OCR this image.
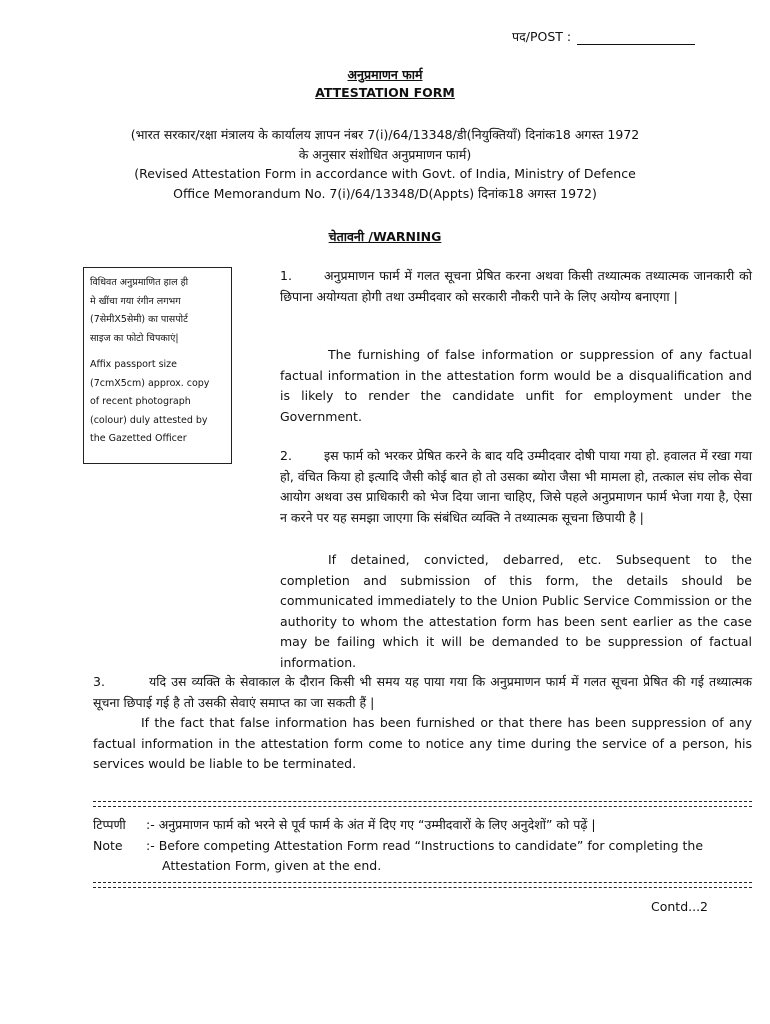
पद/POST :
अनुप्रमाणन फार्म
ATTESTATION FORM
(भारत सरकार/रक्षा मंत्रालय के कार्यालय ज्ञापन नंबर 7(i)/64/13348/डी(नियुक्तियाँ) दिनांक18 अगस्त 1972
के अनुसार संशोधित अनुप्रमाणन फार्म)
(Revised Attestation Form in accordance with Govt. of India, Ministry of Defence
Office Memorandum No. 7(i)/64/13348/D(Appts) दिनांक18 अगस्त 1972)
चेतावनी /WARNING

विधिवत अनुप्रमाणित हाल ही

मे खींचा गया रंगीन लगभग

(7सेमीX5सेमी) का पासपोर्ट

साइज का फोटो चिपकाएं|

Affix passport size

(7cmX5cm) approx. copy

of recent photograph

(colour) duly attested by

the Gazetted Officer

1.	अनुप्रमाणन फार्म में गलत सूचना प्रेषित करना अथवा किसी तथ्यात्मक तथ्यात्मक जानकारी को छिपाना अयोग्यता होगी तथा उम्मीदवार को सरकारी नौकरी पाने के लिए अयोग्य बनाएगा |
The furnishing of false information or suppression of any factual factual information in the attestation form would be a disqualification and is likely to render the candidate unfit for employment under the Government.
2.	इस फार्म को भरकर प्रेषित करने के बाद यदि उम्मीदवार दोषी पाया गया हो. हवालत में रखा गया हो, वंचित किया हो इत्यादि जैसी कोई बात हो तो उसका ब्योरा जैसा भी मामला हो, तत्काल संघ लोक सेवा आयोग अथवा उस प्राधिकारी को भेज दिया जाना चाहिए, जिसे पहले अनुप्रमाणन फार्म भेजा गया है, ऐसा न करने पर यह समझा जाएगा कि संबंधित व्यक्ति ने तथ्यात्मक सूचना छिपायी है |
If detained, convicted, debarred, etc. Subsequent to the completion and submission of this form, the details should be communicated immediately to the Union Public Service Commission or the authority to whom the attestation form has been sent earlier as the case may be failing which it will be demanded to be suppression of factual information.
3.	यदि उस व्यक्ति के सेवाकाल के दौरान किसी भी समय यह पाया गया कि अनुप्रमाणन फार्म में गलत सूचना प्रेषित की गई तथ्यात्मक सूचना छिपाई गई है तो उसकी सेवाएं समाप्त का जा सकती हैं |
If the fact that false information has been furnished or that there has been suppression of any factual information in the attestation form come to notice any time during the service of a person, his services would be liable to be terminated.
टिप्पणी :- अनुप्रमाणन फार्म को भरने से पूर्व फार्म के अंत में दिए गए “उम्मीदवारों के लिए अनुदेशों” को पढ़ें |
Note :- Before competing Attestation Form read “Instructions to candidate” for completing the
Attestation Form, given at the end.
Contd...2
